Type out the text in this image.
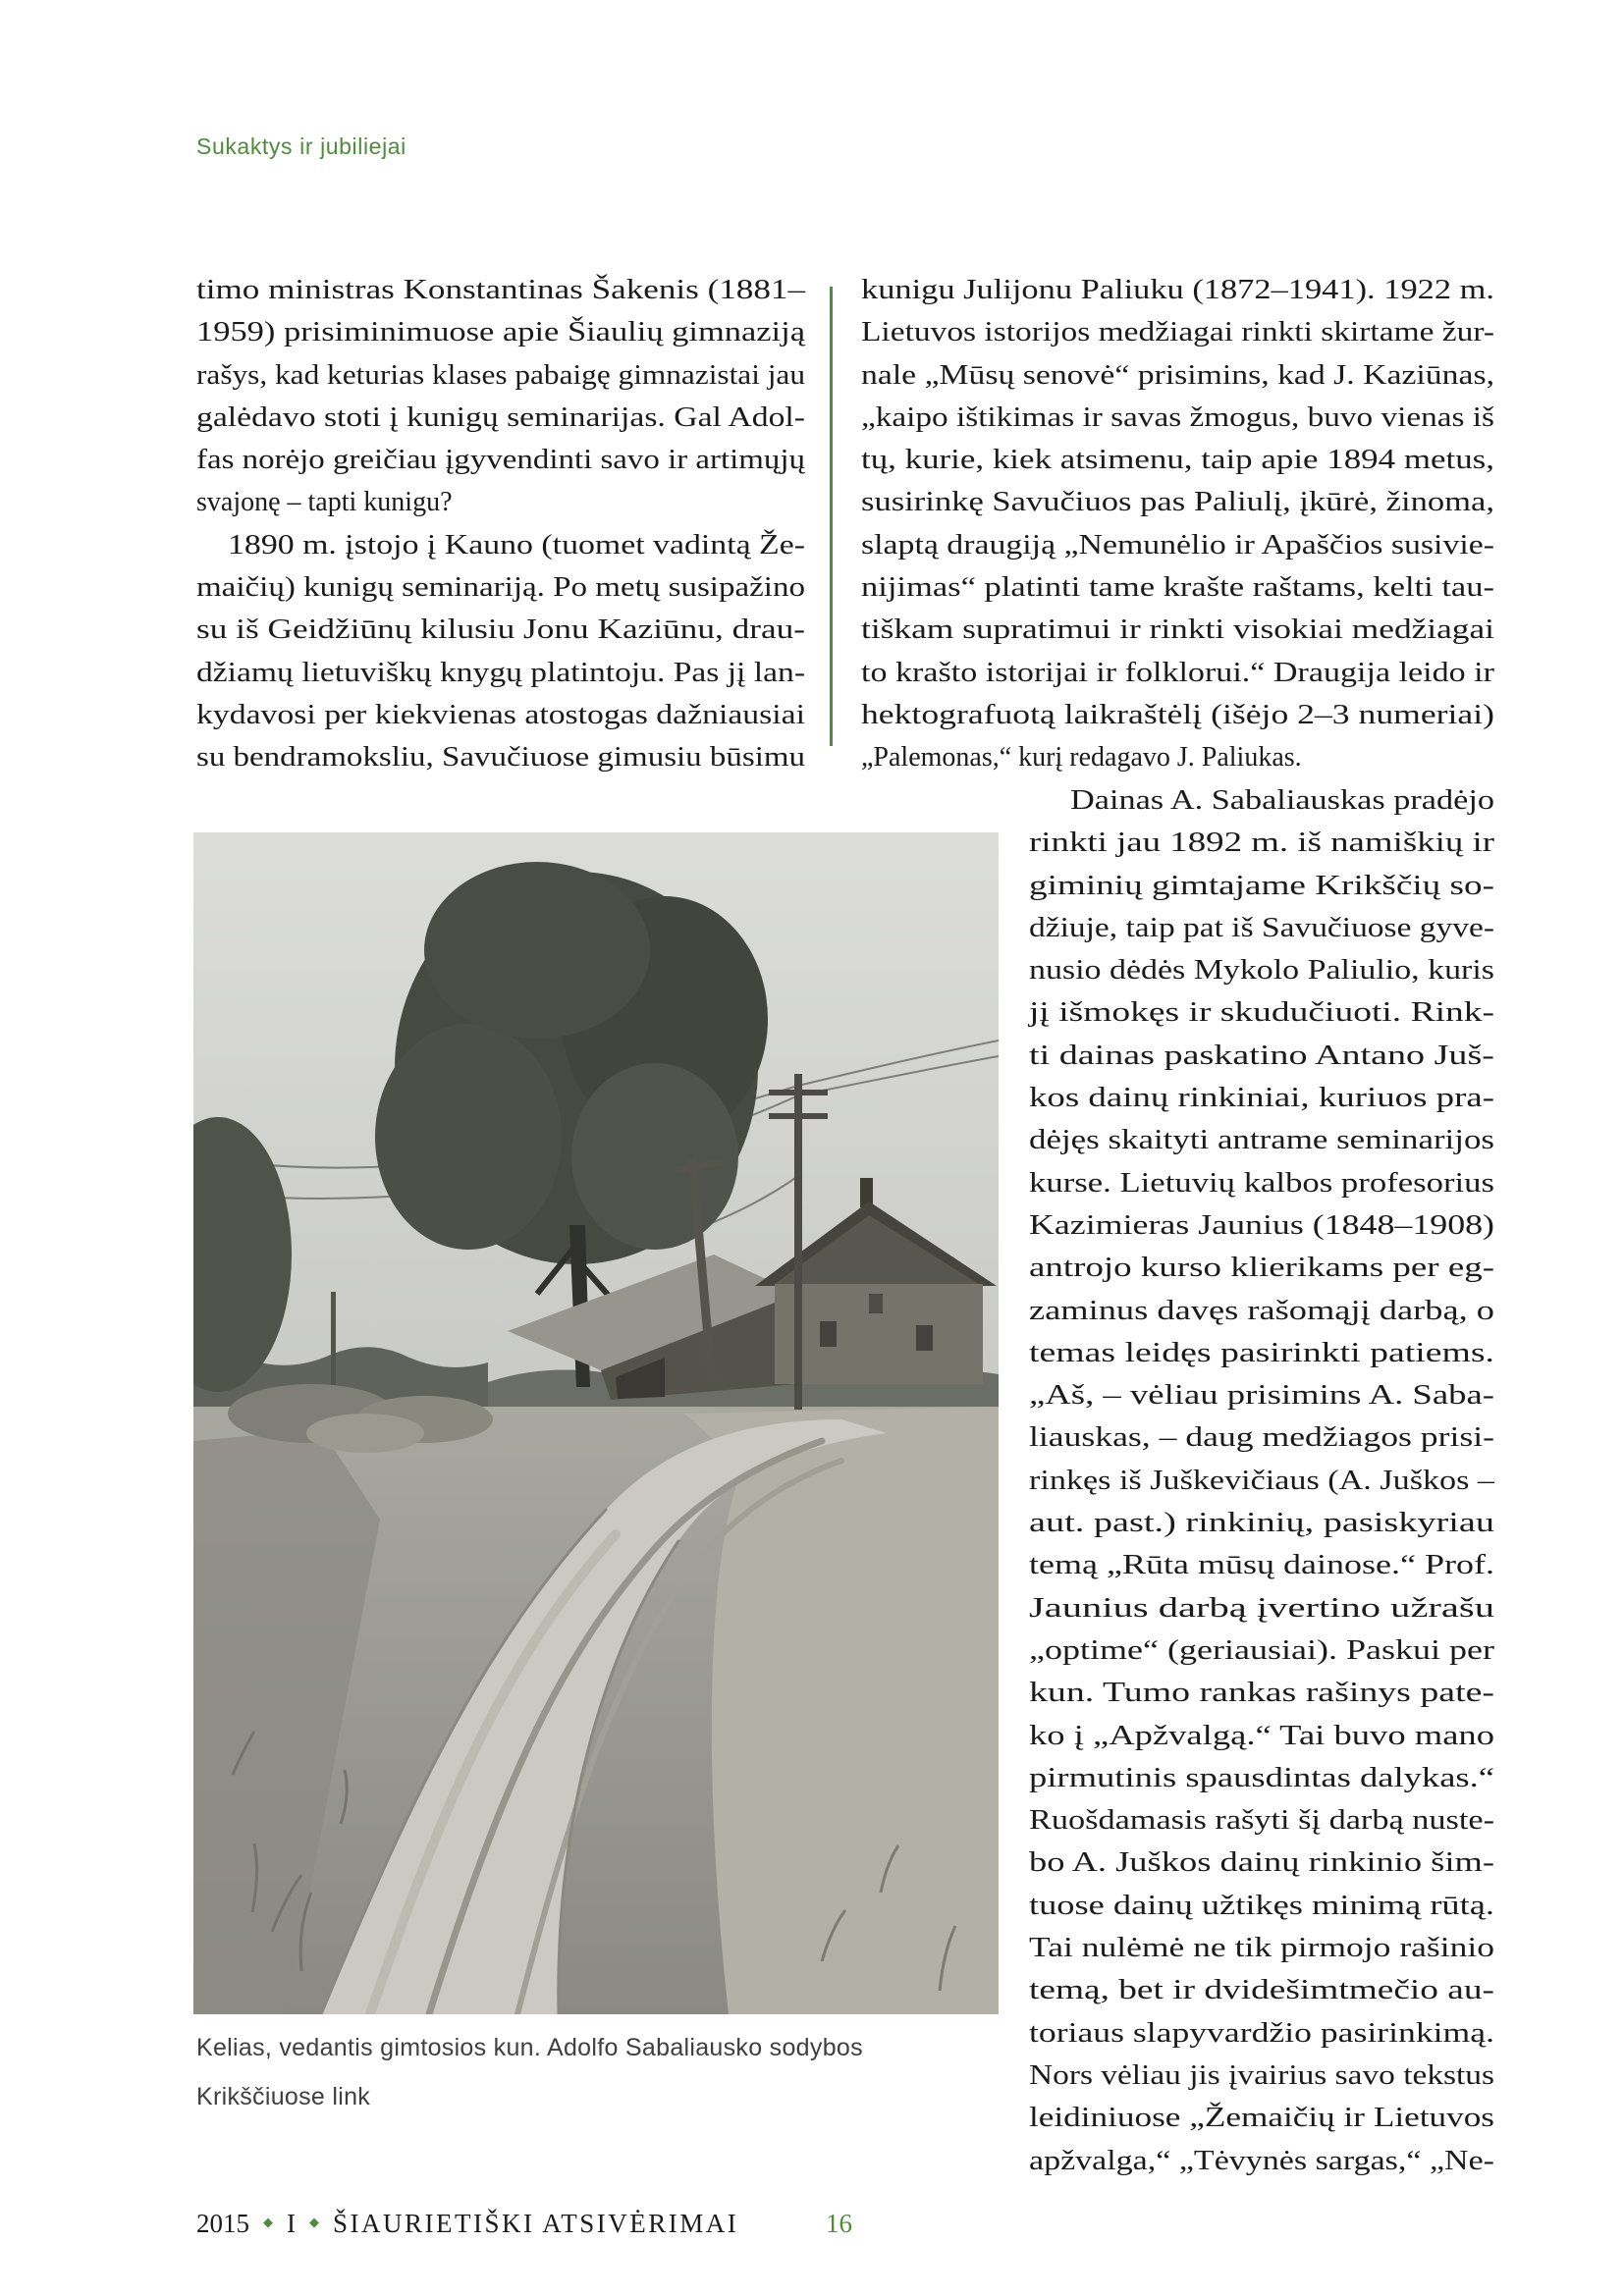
Sukaktys ir jubiliejai
timo ministras Konstantinas Šakenis (1881–
1959) prisiminimuose apie Šiaulių gimnaziją
rašys, kad keturias klases pabaigę gimnazistai jau
galėdavo stoti į kunigų seminarijas. Gal Adol-
fas norėjo greičiau įgyvendinti savo ir artimųjų
svajonę – tapti kunigu?
1890 m. įstojo į Kauno (tuomet vadintą Že-
maičių) kunigų seminariją. Po metų susipažino
su iš Geidžiūnų kilusiu Jonu Kaziūnu, drau-
džiamų lietuviškų knygų platintoju. Pas jį lan-
kydavosi per kiekvienas atostogas dažniausiai
su bendramoksliu, Savučiuose gimusiu būsimu
kunigu Julijonu Paliuku (1872–1941). 1922 m.
Lietuvos istorijos medžiagai rinkti skirtame žur-
nale „Mūsų senovė“ prisimins, kad J. Kaziūnas,
„kaipo ištikimas ir savas žmogus, buvo vienas iš
tų, kurie, kiek atsimenu, taip apie 1894 metus,
susirinkę Savučiuos pas Paliulį, įkūrė, žinoma,
slaptą draugiją „Nemunėlio ir Apaščios susivie-
nijimas“ platinti tame krašte raštams, kelti tau-
tiškam supratimui ir rinkti visokiai medžiagai
to krašto istorijai ir folklorui.“ Draugija leido ir
hektografuotą laikraštėlį (išėjo 2–3 numeriai)
„Palemonas,“ kurį redagavo J. Paliukas.
Dainas A. Sabaliauskas pradėjo
rinkti jau 1892 m. iš namiškių ir
giminių gimtajame Krikščių so-
džiuje, taip pat iš Savučiuose gyve-
nusio dėdės Mykolo Paliulio, kuris
jį išmokęs ir skudučiuoti. Rink-
ti dainas paskatino Antano Juš-
kos dainų rinkiniai, kuriuos pra-
dėjęs skaityti antrame seminarijos
kurse. Lietuvių kalbos profesorius
Kazimieras Jaunius (1848–1908)
antrojo kurso klierikams per eg-
zaminus davęs rašomąjį darbą, o
temas leidęs pasirinkti patiems.
„Aš, – vėliau prisimins A. Saba-
liauskas, – daug medžiagos prisi-
rinkęs iš Juškevičiaus (A. Juškos –
aut. past.) rinkinių, pasiskyriau
temą „Rūta mūsų dainose.“ Prof.
Jaunius darbą įvertino užrašu
„optime“ (geriausiai). Paskui per
kun. Tumo rankas rašinys pate-
ko į „Apžvalgą.“ Tai buvo mano
pirmutinis spausdintas dalykas.“
Ruošdamasis rašyti šį darbą nuste-
bo A. Juškos dainų rinkinio šim-
tuose dainų užtikęs minimą rūtą.
Tai nulėmė ne tik pirmojo rašinio
temą, bet ir dvidešimtmečio au-
toriaus slapyvardžio pasirinkimą.
Nors vėliau jis įvairius savo tekstus
leidiniuose „Žemaičių ir Lietuvos
apžvalga,“ „Tėvynės sargas,“ „Ne-
Kelias, vedantis gimtosios kun. Adolfo Sabaliausko sodybos
Krikščiuose link
2015 ◆ I ◆ ŠIAURIETIŠKI ATSIVĖRIMAI	16
